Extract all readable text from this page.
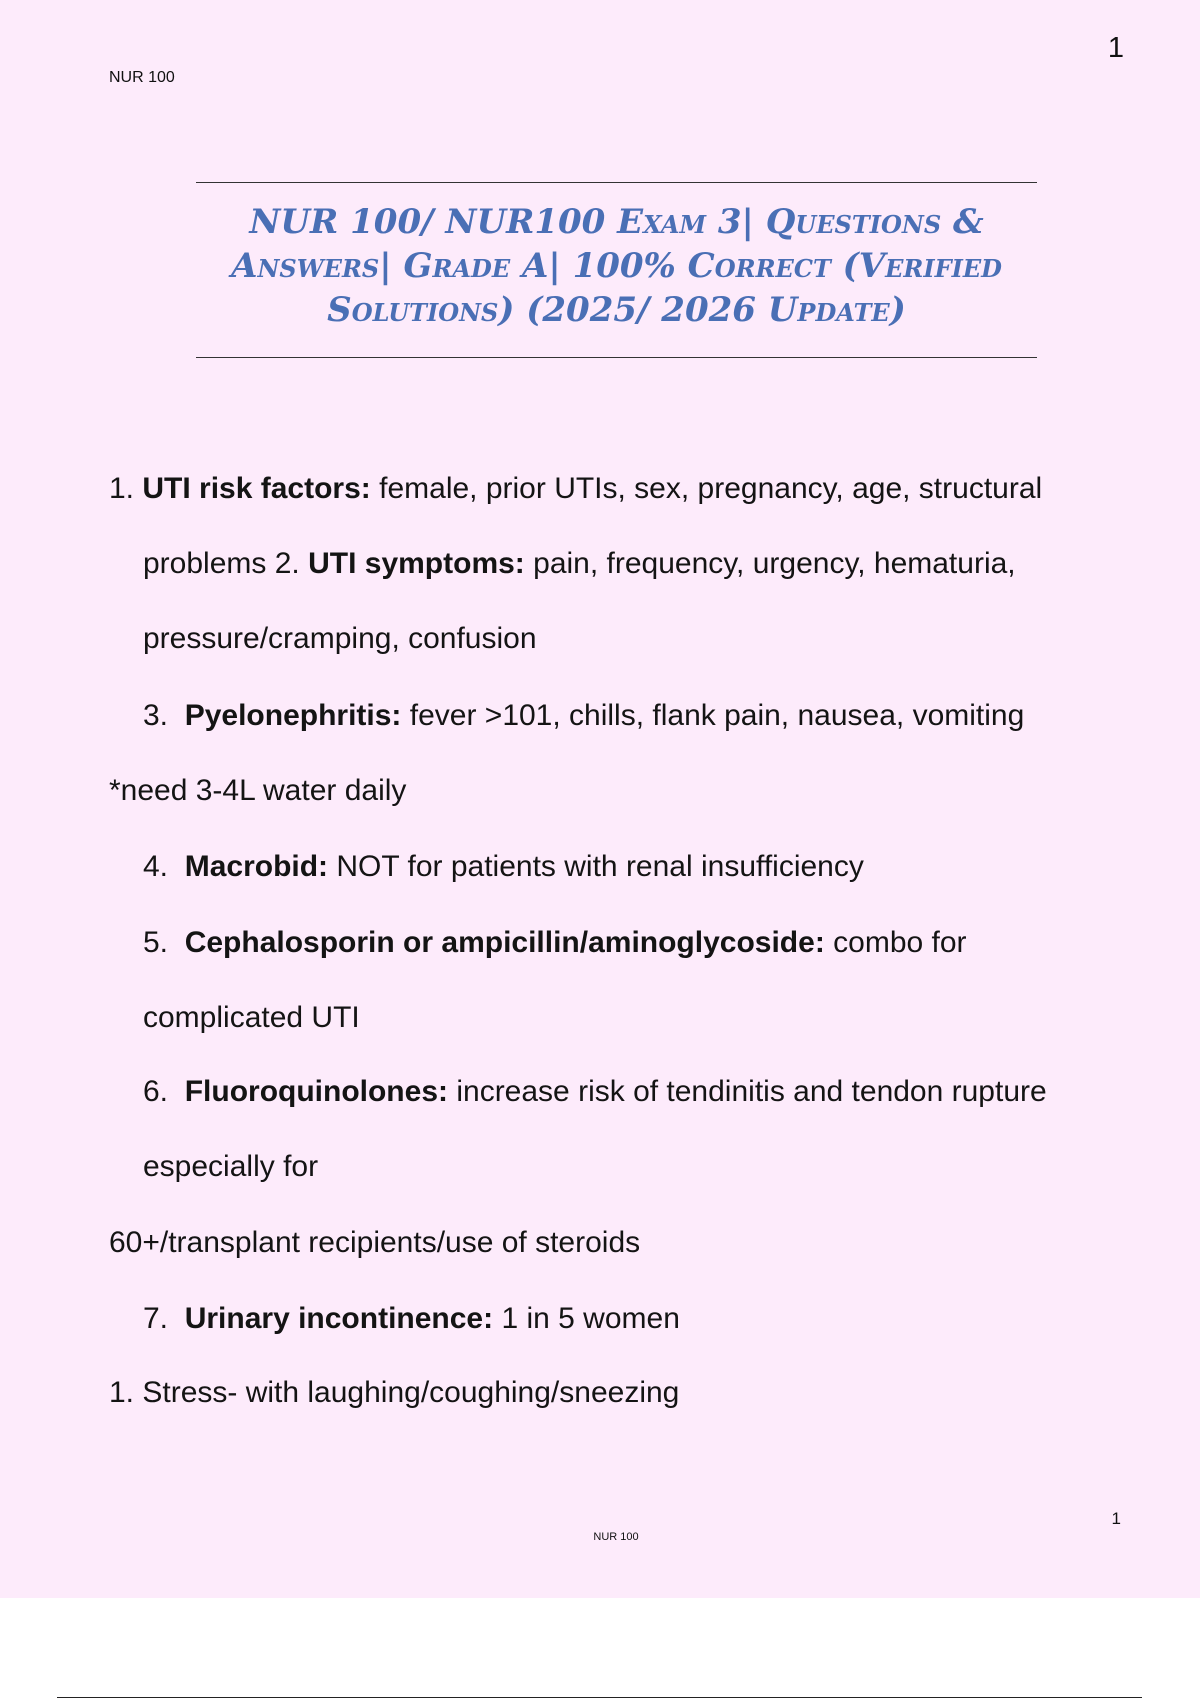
NUR 100
1
NUR 100/ NUR100 Exam 3| Questions &
Answers| Grade A| 100% Correct (Verified
Solutions) (2025/ 2026 Update)
1. UTI risk factors: female, prior UTIs, sex, pregnancy, age, structural
problems 2. UTI symptoms: pain, frequency, urgency, hematuria,
pressure/cramping, confusion
3. Pyelonephritis: fever >101, chills, flank pain, nausea, vomiting
*need 3-4L water daily
4. Macrobid: NOT for patients with renal insufficiency
5. Cephalosporin or ampicillin/aminoglycoside: combo for
complicated UTI
6. Fluoroquinolones: increase risk of tendinitis and tendon rupture
especially for
60+/transplant recipients/use of steroids
7. Urinary incontinence: 1 in 5 women
1. Stress- with laughing/coughing/sneezing
1
NUR 100
